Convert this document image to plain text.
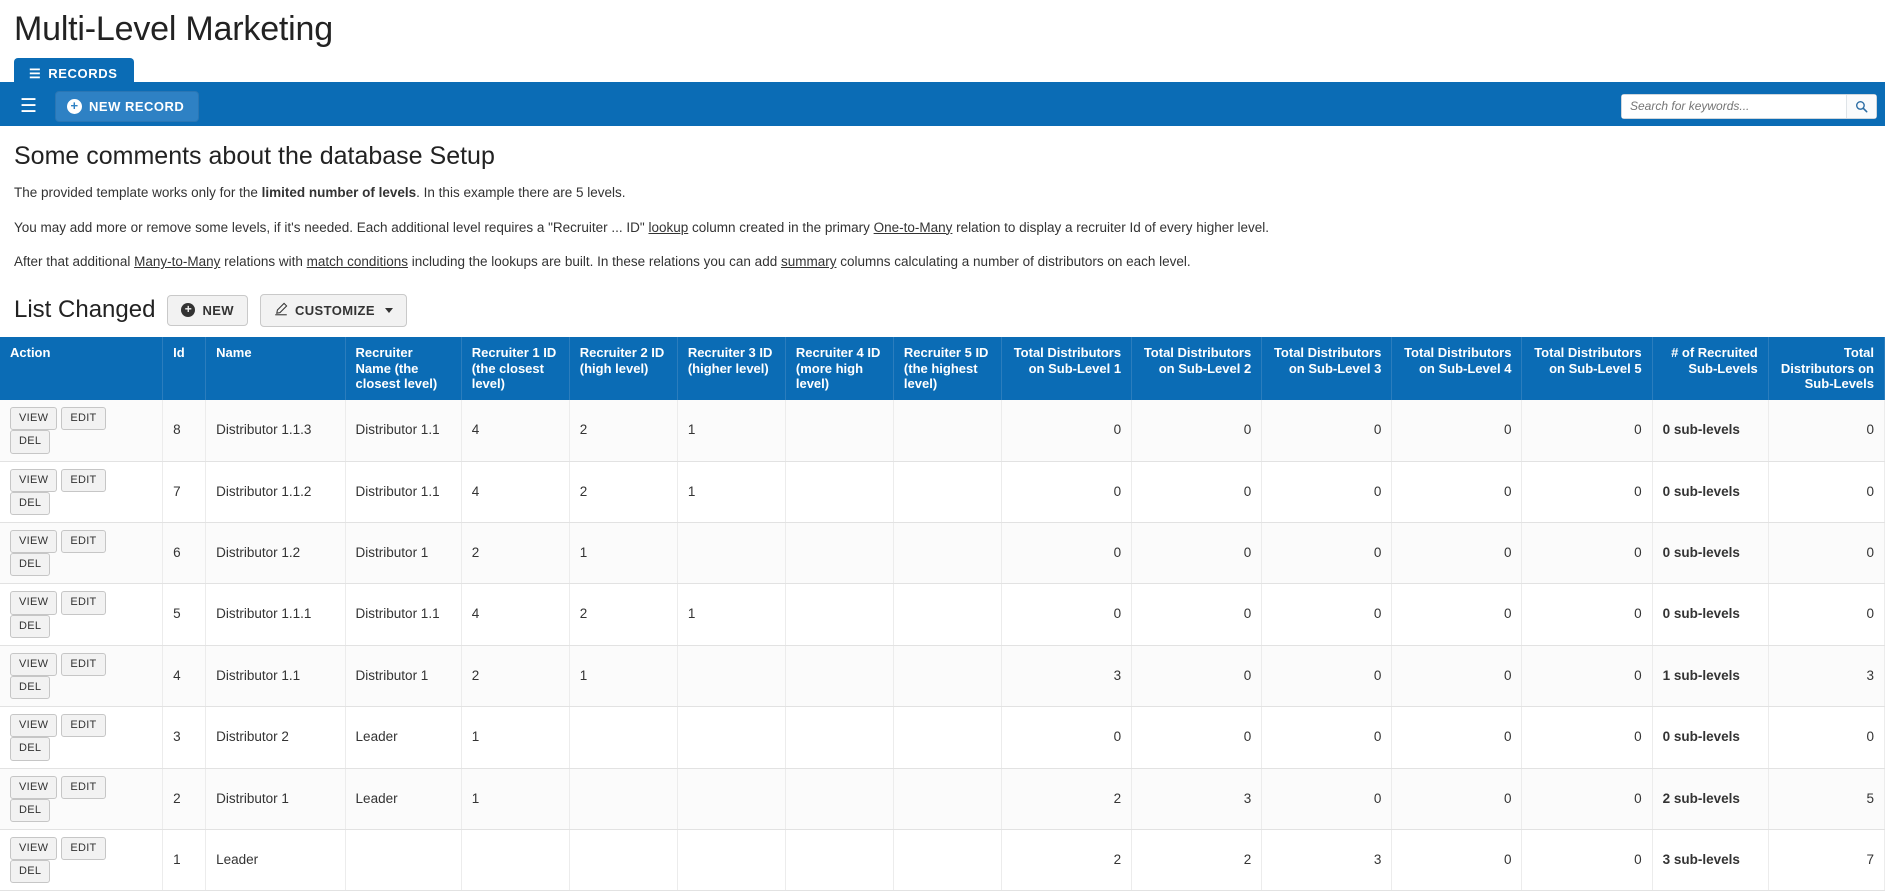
Multi-Level Marketing
☰ RECORDS
☰	+ NEW RECORD
Search for keywords...
Some comments about the database Setup

The provided template works only for the limited number of levels. In this example there are 5 levels.

You may add more or remove some levels, if it's needed. Each additional level requires a "Recruiter ... ID" lookup column created in the primary One-to-Many relation to display a recruiter Id of every higher level.

After that additional Many-to-Many relations with match conditions including the lookups are built. In these relations you can add summary columns calculating a number of distributors on each level.

List Changed + NEW	CUSTOMIZE
Action	Id	Name	Recruiter Name (the closest level)	Recruiter 1 ID (the closest level)	Recruiter 2 ID (high level)	Recruiter 3 ID (higher level)	Recruiter 4 ID (more high level)	Recruiter 5 ID (the highest level)	Total Distributors on Sub-Level 1	Total Distributors on Sub-Level 2	Total Distributors on Sub-Level 3	Total Distributors on Sub-Level 4	Total Distributors on Sub-Level 5	# of Recruited Sub-Levels	Total Distributors on Sub-Levels
VIEW EDITDEL	8	Distributor 1.1.3	Distributor 1.1	4	2	1			0	0	0	0	0	0 sub-levels	0
VIEW EDITDEL	7	Distributor 1.1.2	Distributor 1.1	4	2	1			0	0	0	0	0	0 sub-levels	0
VIEW EDITDEL	6	Distributor 1.2	Distributor 1	2	1				0	0	0	0	0	0 sub-levels	0
VIEW EDITDEL	5	Distributor 1.1.1	Distributor 1.1	4	2	1			0	0	0	0	0	0 sub-levels	0
VIEW EDITDEL	4	Distributor 1.1	Distributor 1	2	1				3	0	0	0	0	1 sub-levels	3
VIEW EDITDEL	3	Distributor 2	Leader	1					0	0	0	0	0	0 sub-levels	0
VIEW EDITDEL	2	Distributor 1	Leader	1					2	3	0	0	0	2 sub-levels	5
VIEW EDITDEL	1	Leader							2	2	3	0	0	3 sub-levels	7
